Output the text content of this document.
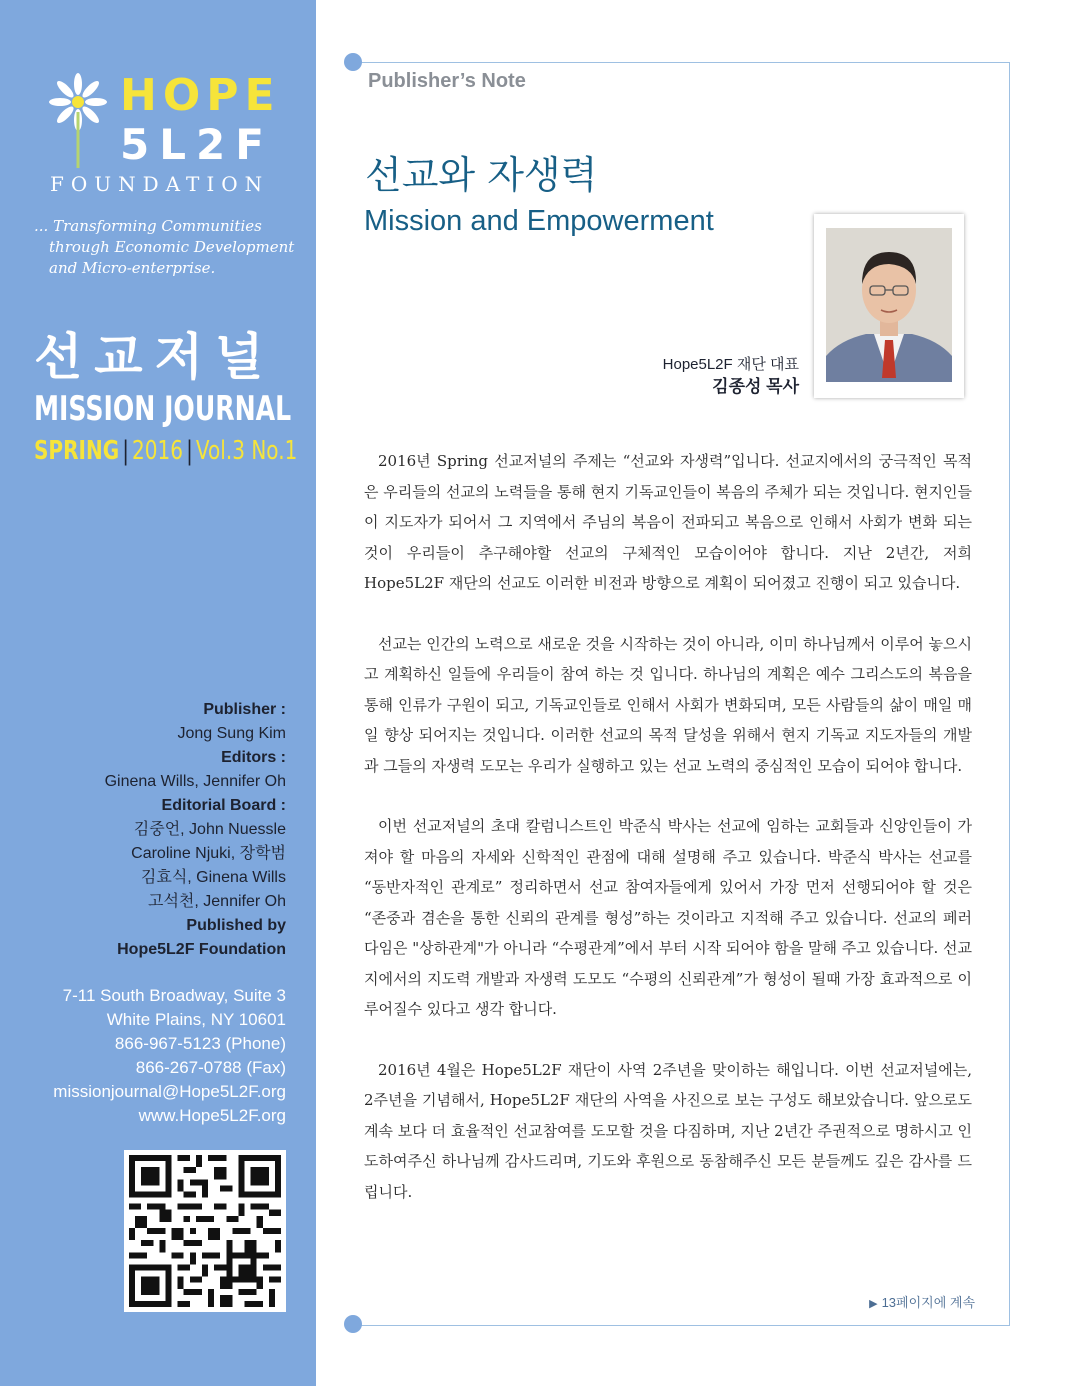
HOPE
5L2F
FOUNDATION
... Transforming Communities
through Economic Development
and Micro-enterprise.
선교저널
MISSION JOURNAL
SPRING | 2016 | Vol.3 No.1
Publisher :
Jong Sung Kim
Editors :
Ginena Wills, Jennifer Oh
Editorial Board :
김중언, John Nuessle
Caroline Njuki, 장학범
김효식, Ginena Wills
고석천, Jennifer Oh
Published by
Hope5L2F Foundation
7-11 South Broadway, Suite 3
White Plains, NY 10601
866-967-5123 (Phone)
866-267-0788 (Fax)
missionjournal@Hope5L2F.org
www.Hope5L2F.org
Publisher’s Note
선교와 자생력
Mission and Empowerment
Hope5L2F 재단 대표
김종성 목사

2016년 Spring 선교저널의 주제는 “선교와 자생력”입니다. 선교지에서의 궁극적인 목적은 우리들의 선교의 노력들을 통해 현지 기독교인들이 복음의 주체가 되는 것입니다. 현지인들이 지도자가 되어서 그 지역에서 주님의 복음이 전파되고 복음으로 인해서 사회가 변화 되는 것이 우리들이 추구해야할 선교의 구체적인 모습이어야 합니다. 지난 2년간, 저희 Hope5L2F 재단의 선교도 이러한 비전과 방향으로 계획이 되어졌고 진행이 되고 있습니다.

선교는 인간의 노력으로 새로운 것을 시작하는 것이 아니라, 이미 하나님께서 이루어 놓으시고 계획하신 일들에 우리들이 참여 하는 것 입니다. 하나님의 계획은 예수 그리스도의 복음을 통해 인류가 구원이 되고, 기독교인들로 인해서 사회가 변화되며, 모든 사람들의 삶이 매일 매일 향상 되어지는 것입니다. 이러한 선교의 목적 달성을 위해서 현지 기독교 지도자들의 개발과 그들의 자생력 도모는 우리가 실행하고 있는 선교 노력의 중심적인 모습이 되어야 합니다.

이번 선교저널의 초대 칼럼니스트인 박준식 박사는 선교에 임하는 교회들과 신앙인들이 가져야 할 마음의 자세와 신학적인 관점에 대해 설명해 주고 있습니다. 박준식 박사는 선교를 “동반자적인 관계로” 정리하면서 선교 참여자들에게 있어서 가장 먼저 선행되어야 할 것은 “존중과 겸손을 통한 신뢰의 관계를 형성”하는 것이라고 지적해 주고 있습니다. 선교의 페러다임은 "상하관계"가 아니라 “수평관계”에서 부터 시작 되어야 함을 말해 주고 있습니다. 선교지에서의 지도력 개발과 자생력 도모도 “수평의 신뢰관계”가 형성이 될때 가장 효과적으로 이루어질수 있다고 생각 합니다.

2016년 4월은 Hope5L2F 재단이 사역 2주년을 맞이하는 해입니다. 이번 선교저널에는, 2주년을 기념해서, Hope5L2F 재단의 사역을 사진으로 보는 구성도 해보았습니다. 앞으로도 계속 보다 더 효율적인 선교참여를 도모할 것을 다짐하며, 지난 2년간 주권적으로 명하시고 인도하여주신 하나님께 감사드리며, 기도와 후원으로 동참해주신 모든 분들께도 깊은 감사를 드립니다.

▶ 13페이지에 계속
